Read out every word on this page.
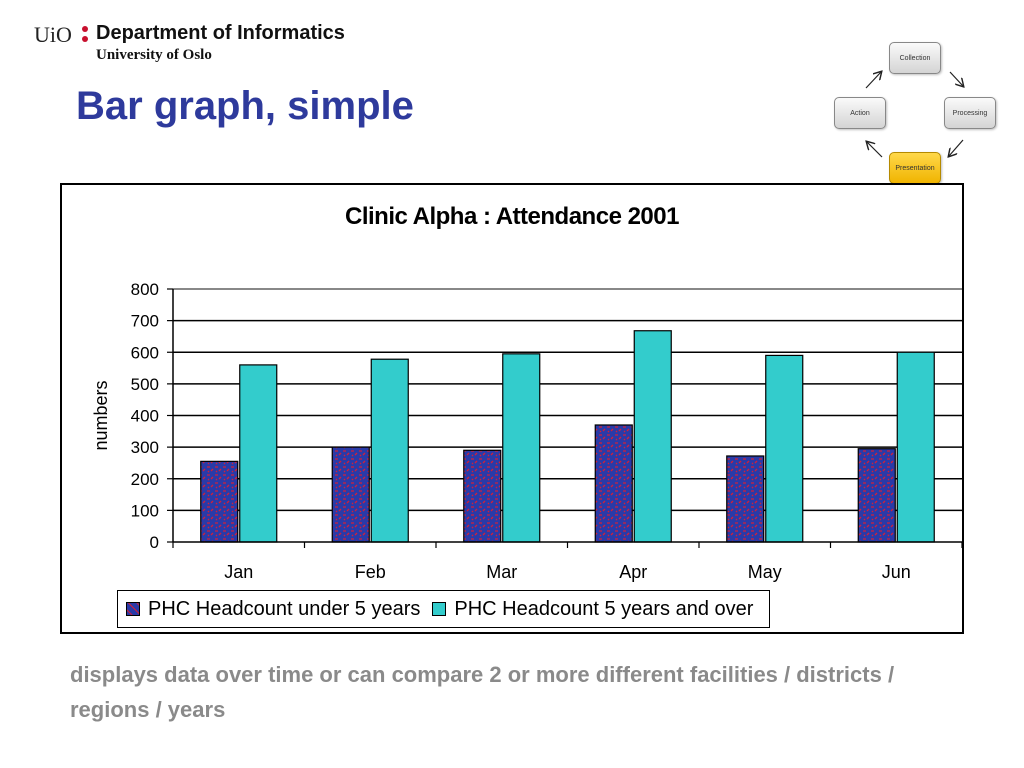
UiO Department of Informatics
University of Oslo
Bar graph, simple
Collection
Processing
Presentation
Action
Clinic Alpha : Attendance 2001
0
100
200
300
400
500
600
700
800
numbers
Jan	Feb	Mar	Apr	May	Jun
PHC Headcount under 5 years PHC Headcount 5 years and over

displays data over time or can compare 2 or more different facilities / districts / regions / years
